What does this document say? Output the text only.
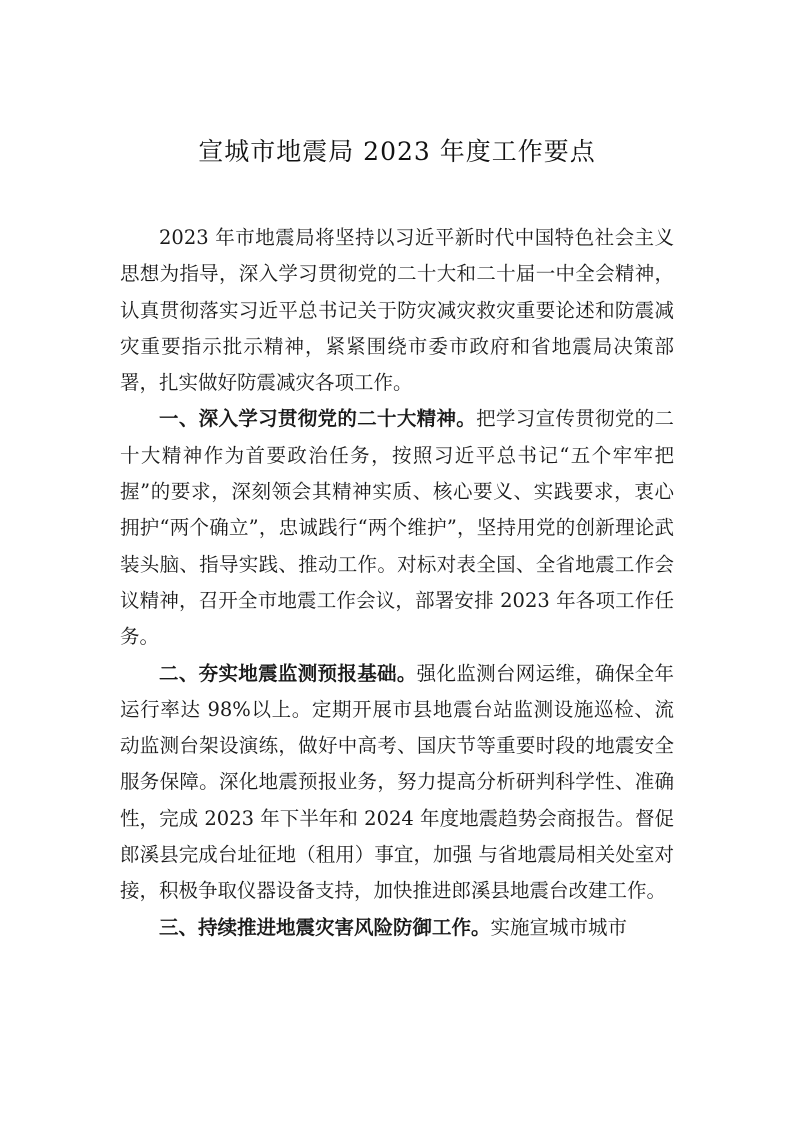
宣城市地震局 2023 年度工作要点

2023 年市地震局将坚持以习近平新时代中国特色社会主义思想为指导，深入学习贯彻党的二十大和二十届一中全会精神，认真贯彻落实习近平总书记关于防灾减灾救灾重要论述和防震减灾重要指示批示精神，紧紧围绕市委市政府和省地震局决策部署，扎实做好防震减灾各项工作。

一、深入学习贯彻党的二十大精神。把学习宣传贯彻党的二十大精神作为首要政治任务，按照习近平总书记“五个牢牢把握”的要求，深刻领会其精神实质、核心要义、实践要求，衷心拥护“两个确立”，忠诚践行“两个维护”，坚持用党的创新理论武装头脑、指导实践、推动工作。对标对表全国、全省地震工作会议精神，召开全市地震工作会议，部署安排 2023 年各项工作任务。

二、夯实地震监测预报基础。强化监测台网运维，确保全年运行率达 98%以上。定期开展市县地震台站监测设施巡检、流动监测台架设演练，做好中高考、国庆节等重要时段的地震安全服务保障。深化地震预报业务，努力提高分析研判科学性、准确性，完成 2023 年下半年和 2024 年度地震趋势会商报告。督促郎溪县完成台址征地（租用）事宜，加强 与省地震局相关处室对接，积极争取仪器设备支持，加快推进郎溪县地震台改建工作。

三、持续推进地震灾害风险防御工作。实施宣城市城市
